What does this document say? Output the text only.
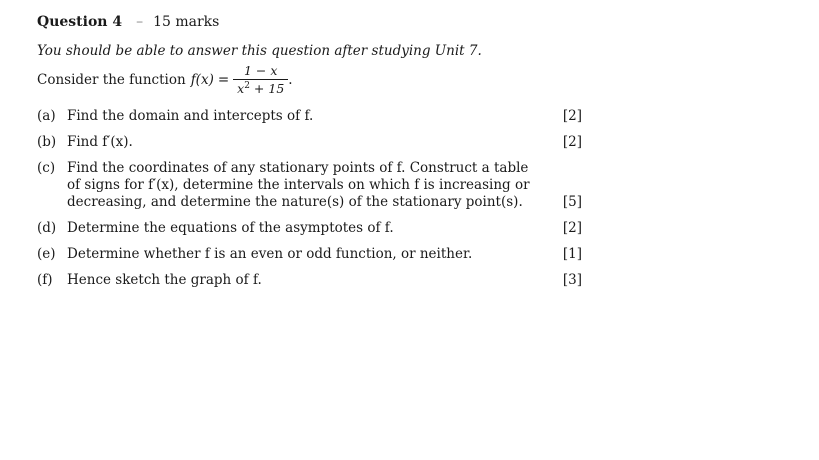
Question 4 – 15 marks
You should be able to answer this question after studying Unit 7.
Consider the function $f(x) = \frac{1 - x}{x^2 + 15}$ .
(a) Find the domain and intercepts of f.	[2]
(b) Find f′(x).	[2]
(c) Find the coordinates of any stationary points of f. Construct a table of signs for f′(x), determine the intervals on which f is increasing or decreasing, and determine the nature(s) of the stationary point(s).	[5]
(d) Determine the equations of the asymptotes of f.	[2]
(e) Determine whether f is an even or odd function, or neither.	[1]
(f)	Hence sketch the graph of f.	[3]
